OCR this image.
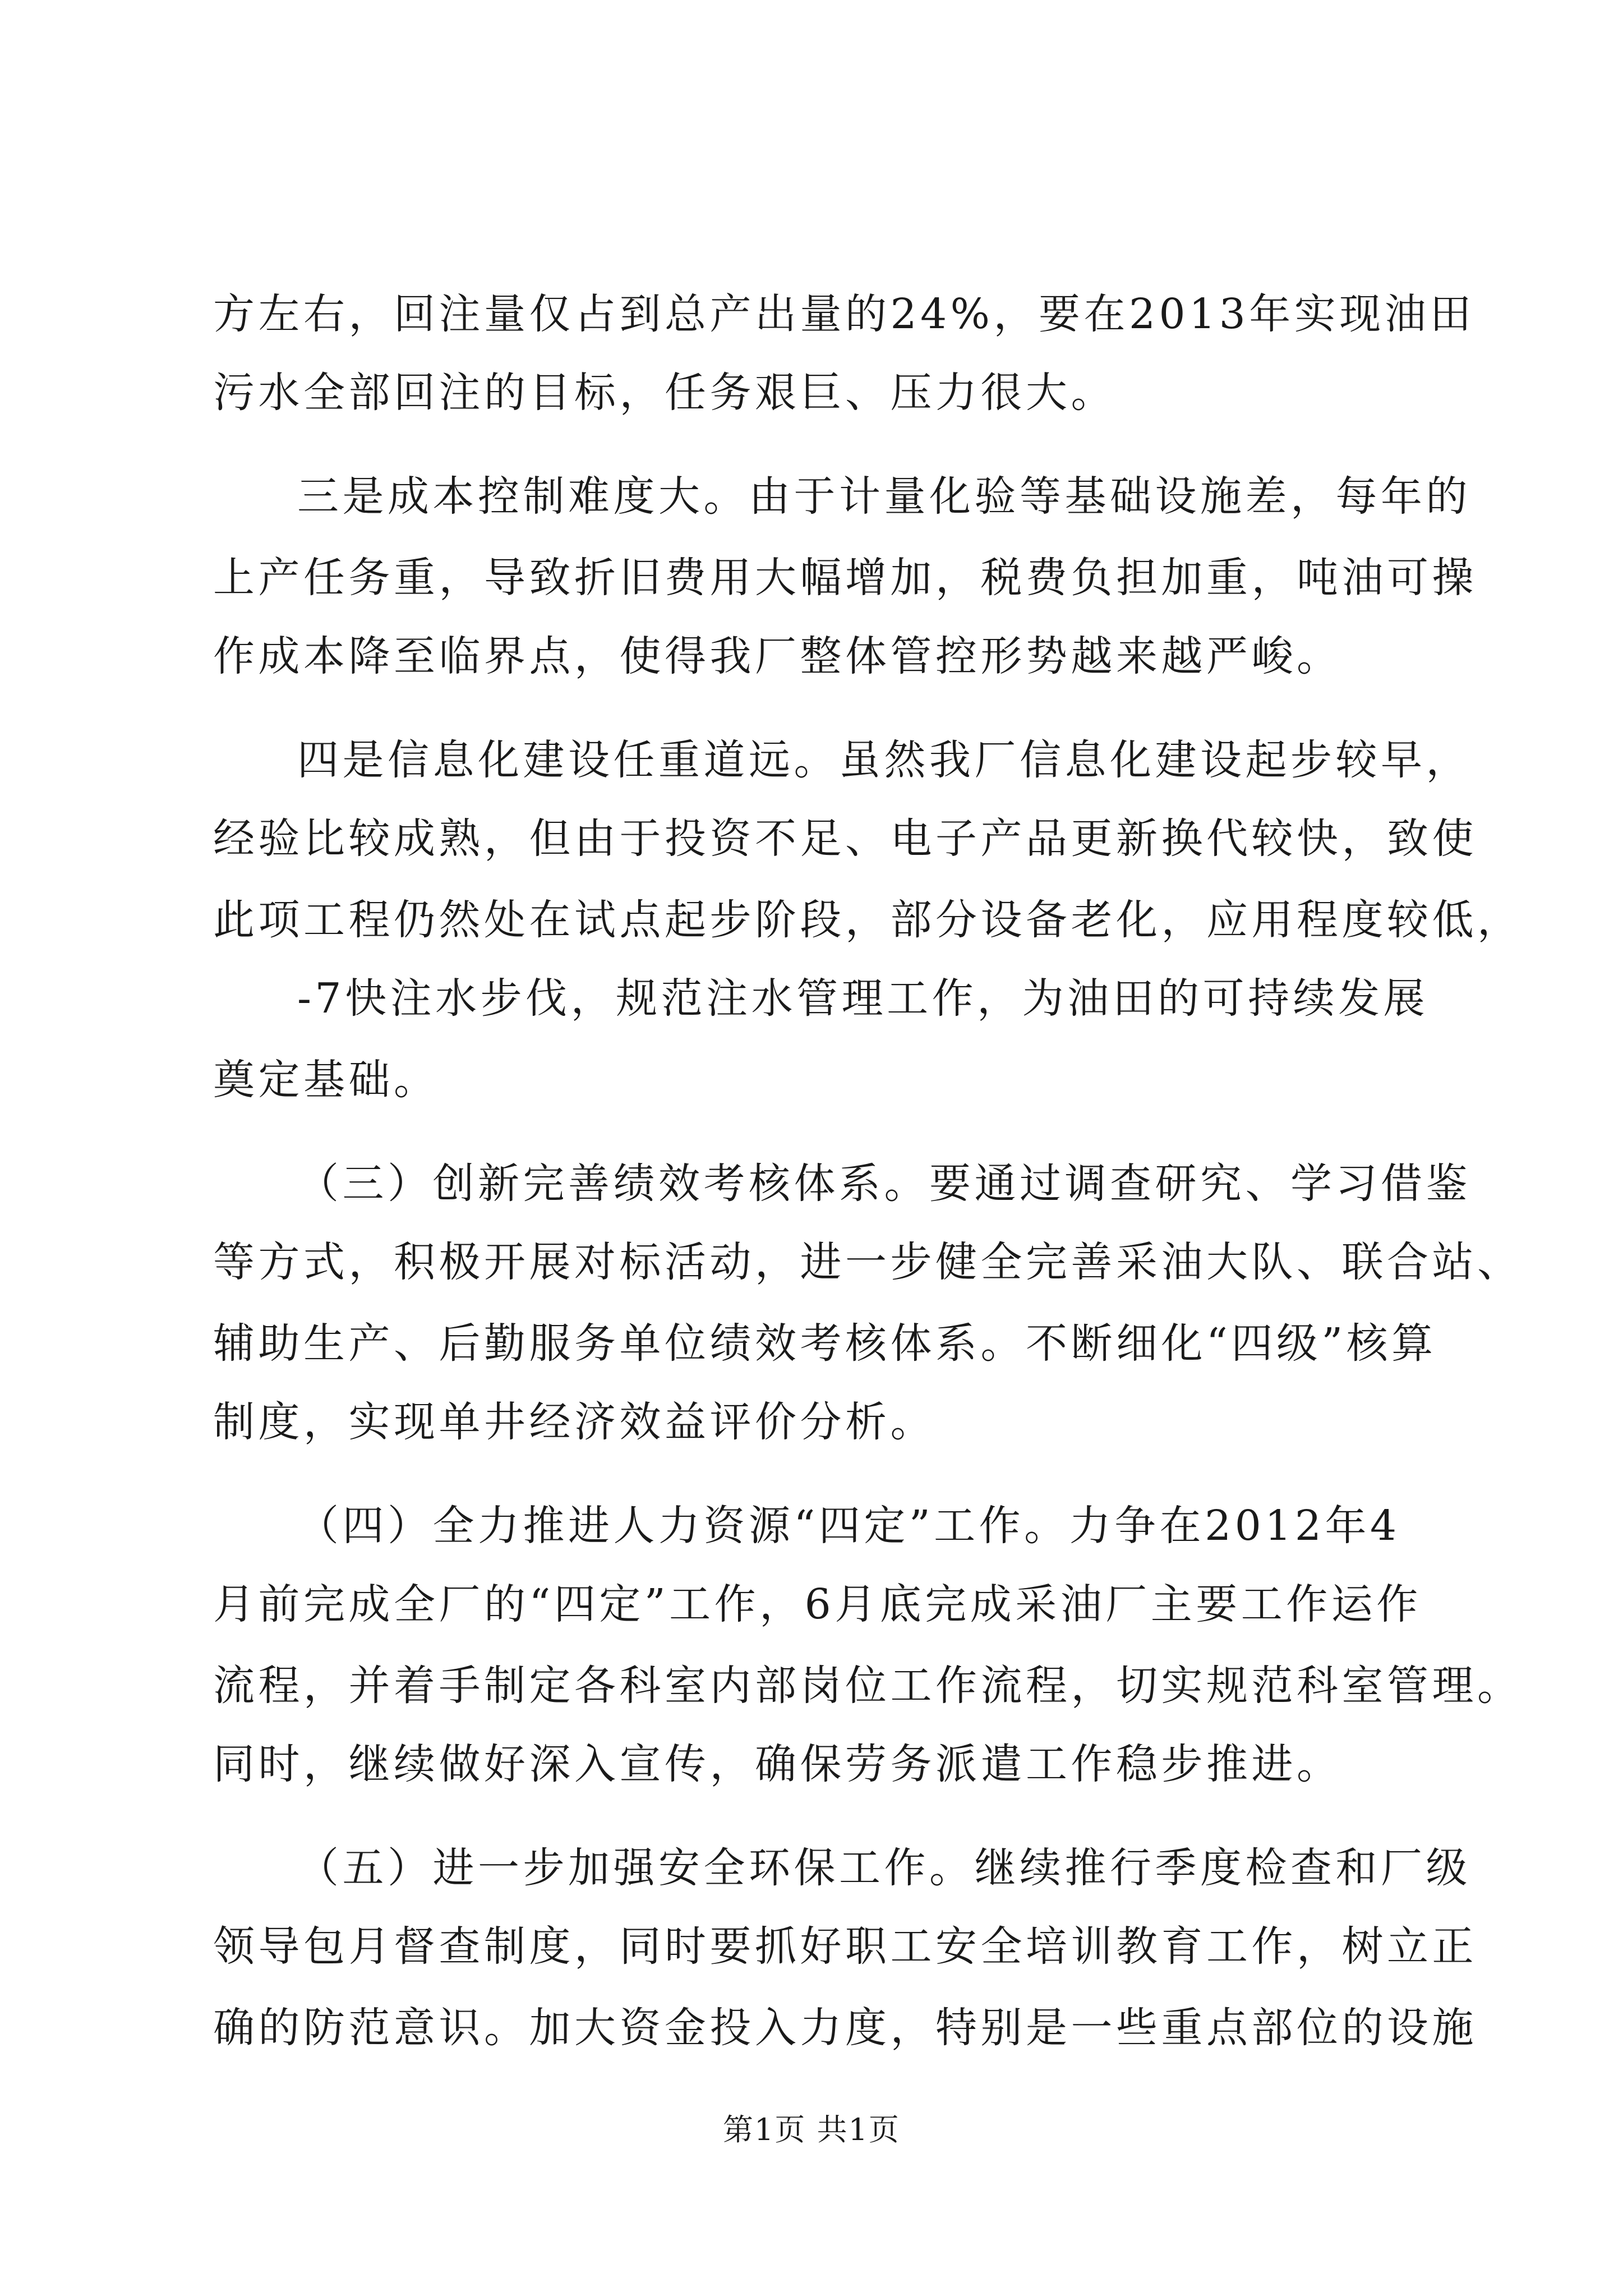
方左右，回注量仅占到总产出量的24%，要在2013年实现油田
污水全部回注的目标，任务艰巨、压力很大。
三是成本控制难度大。由于计量化验等基础设施差，每年的
上产任务重，导致折旧费用大幅增加，税费负担加重，吨油可操
作成本降至临界点，使得我厂整体管控形势越来越严峻。
四是信息化建设任重道远。虽然我厂信息化建设起步较早，
经验比较成熟，但由于投资不足、电子产品更新换代较快，致使
此项工程仍然处在试点起步阶段，部分设备老化，应用程度较低，
-7快注水步伐，规范注水管理工作，为油田的可持续发展
奠定基础。
（三）创新完善绩效考核体系。要通过调查研究、学习借鉴
等方式，积极开展对标活动，进一步健全完善采油大队、联合站、
辅助生产、后勤服务单位绩效考核体系。不断细化“四级”核算
制度，实现单井经济效益评价分析。
（四）全力推进人力资源“四定”工作。力争在2012年4
月前完成全厂的“四定”工作，6月底完成采油厂主要工作运作
流程，并着手制定各科室内部岗位工作流程，切实规范科室管理。
同时，继续做好深入宣传，确保劳务派遣工作稳步推进。
（五）进一步加强安全环保工作。继续推行季度检查和厂级
领导包月督查制度，同时要抓好职工安全培训教育工作，树立正
确的防范意识。加大资金投入力度，特别是一些重点部位的设施
第1页 共1页
